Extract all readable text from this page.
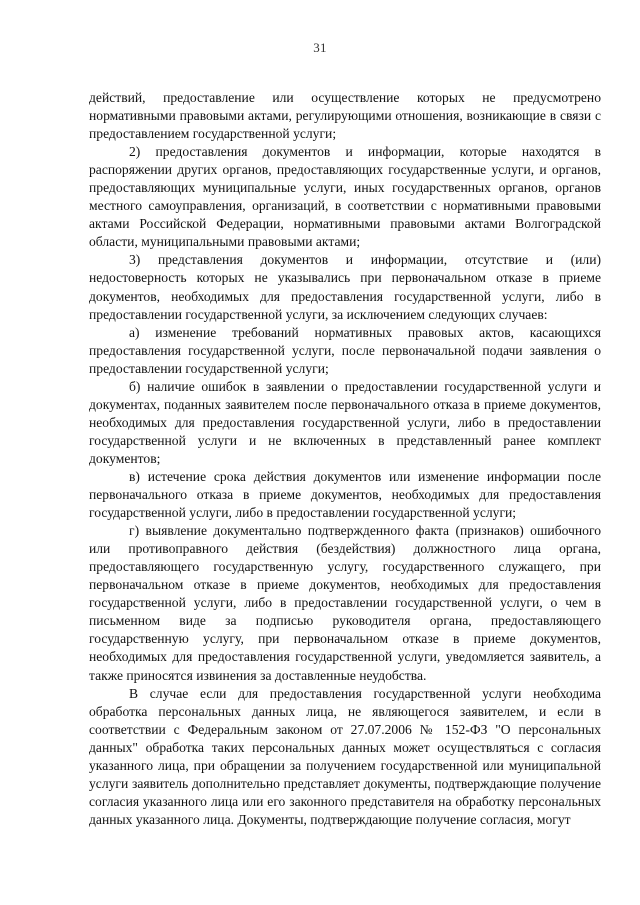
31

действий, предоставление или осуществление которых не предусмотрено нормативными правовыми актами, регулирующими отношения, возникающие в связи с предоставлением государственной услуги;

2) предоставления документов и информации, которые находятся в распоряжении других органов, предоставляющих государственные услуги, и органов, предоставляющих муниципальные услуги, иных государственных органов, органов местного самоуправления, организаций, в соответствии с нормативными правовыми актами Российской Федерации, нормативными правовыми актами Волгоградской области, муниципальными правовыми актами;

3) представления документов и информации, отсутствие и (или) недостоверность которых не указывались при первоначальном отказе в приеме документов, необходимых для предоставления государственной услуги, либо в предоставлении государственной услуги, за исключением следующих случаев:

а) изменение требований нормативных правовых актов, касающихся предоставления государственной услуги, после первоначальной подачи заявления о предоставлении государственной услуги;

б) наличие ошибок в заявлении о предоставлении государственной услуги и документах, поданных заявителем после первоначального отказа в приеме документов, необходимых для предоставления государственной услуги, либо в предоставлении государственной услуги и не включенных в представленный ранее комплект документов;

в) истечение срока действия документов или изменение информации после первоначального отказа в приеме документов, необходимых для предоставления государственной услуги, либо в предоставлении государственной услуги;

г) выявление документально подтвержденного факта (признаков) ошибочного или противоправного действия (бездействия) должностного лица органа, предоставляющего государственную услугу, государственного служащего, при первоначальном отказе в приеме документов, необходимых для предоставления государственной услуги, либо в предоставлении государственной услуги, о чем в письменном виде за подписью руководителя органа, предоставляющего государственную услугу, при первоначальном отказе в приеме документов, необходимых для предоставления государственной услуги, уведомляется заявитель, а также приносятся извинения за доставленные неудобства.

В случае если для предоставления государственной услуги необходима обработка персональных данных лица, не являющегося заявителем, и если в соответствии с Федеральным законом от 27.07.2006 № 152-ФЗ "О персональных данных" обработка таких персональных данных может осуществляться с согласия указанного лица, при обращении за получением государственной или муниципальной услуги заявитель дополнительно представляет документы, подтверждающие получение согласия указанного лица или его законного представителя на обработку персональных данных указанного лица. Документы, подтверждающие получение согласия, могут
